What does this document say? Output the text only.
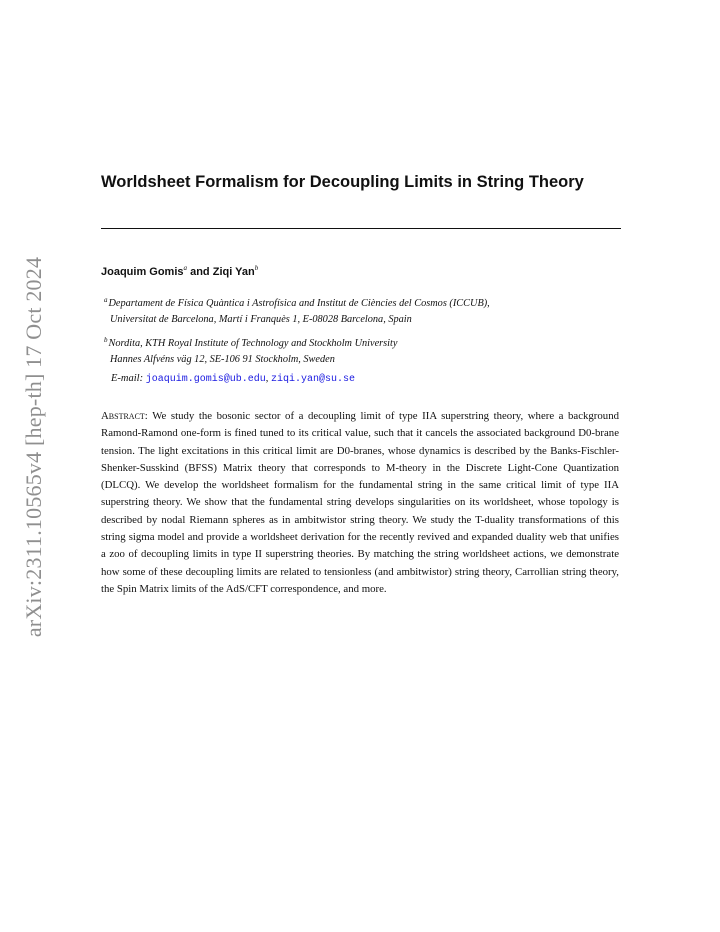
arXiv:2311.10565v4 [hep-th] 17 Oct 2024
Worldsheet Formalism for Decoupling Limits in String Theory
Joaquim Gomis$^a$ and Ziqi Yan$^b$
$^a$Departament de Física Quàntica i Astrofísica and Institut de Ciències del Cosmos (ICCUB),
Universitat de Barcelona, Martí i Franquès 1, E-08028 Barcelona, Spain
$^b$Nordita, KTH Royal Institute of Technology and Stockholm University
Hannes Alfvéns väg 12, SE-106 91 Stockholm, Sweden
E-mail: joaquim.gomis@ub.edu, ziqi.yan@su.se

Abstract: We study the bosonic sector of a decoupling limit of type IIA superstring theory, where a background Ramond-Ramond one-form is fined tuned to its critical value, such that it cancels the associated background D0-brane tension. The light excitations in this critical limit are D0-branes, whose dynamics is described by the Banks-Fischler-Shenker-Susskind (BFSS) Matrix theory that corresponds to M-theory in the Discrete Light-Cone Quantization (DLCQ). We develop the worldsheet formalism for the fundamental string in the same critical limit of type IIA superstring theory. We show that the fundamental string develops singularities on its worldsheet, whose topology is described by nodal Riemann spheres as in ambitwistor string theory. We study the T-duality transformations of this string sigma model and provide a worldsheet derivation for the recently revived and expanded duality web that unifies a zoo of decoupling limits in type II superstring theories. By matching the string worldsheet actions, we demonstrate how some of these decoupling limits are related to tensionless (and ambitwistor) string theory, Carrollian string theory, the Spin Matrix limits of the AdS/CFT correspondence, and more.
